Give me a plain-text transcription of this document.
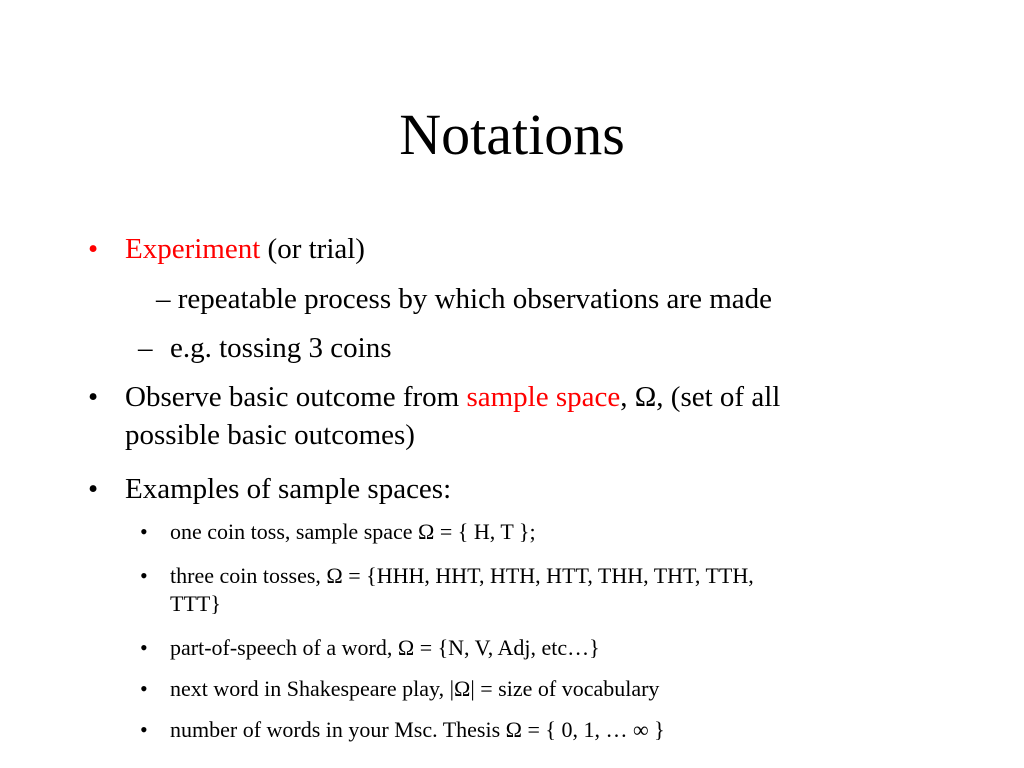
Notations
• Experiment (or trial)
– repeatable process by which observations are made
– e.g. tossing 3 coins
• Observe basic outcome from sample space, Ω, (set of all
possible basic outcomes)
• Examples of sample spaces:
• one coin toss, sample space Ω = { H, T };
• three coin tosses, Ω = {HHH, HHT, HTH, HTT, THH, THT, TTH,
TTT}
• part-of-speech of a word, Ω = {N, V, Adj, etc…}
• next word in Shakespeare play, |Ω| = size of vocabulary
• number of words in your Msc. Thesis Ω = { 0, 1, … ∞ }
